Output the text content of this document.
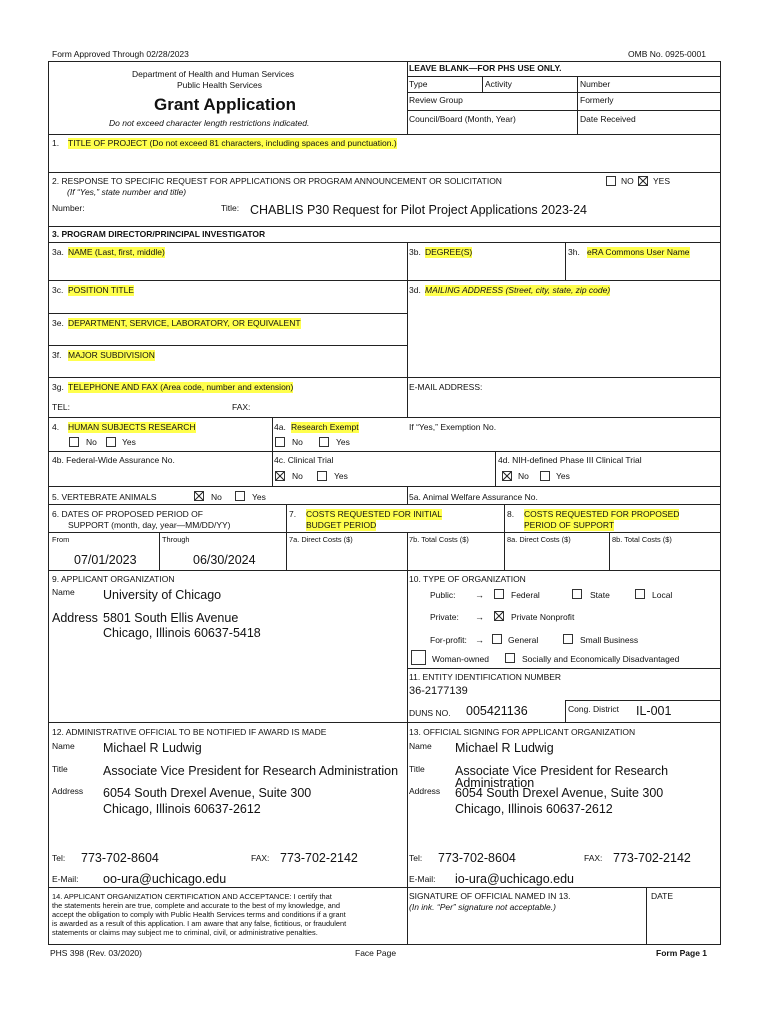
Form Approved Through 02/28/2023	OMB No. 0925-0001
Department of Health and Human Services
Public Health Services
Grant Application
Do not exceed character length restrictions indicated.
LEAVE BLANK—FOR PHS USE ONLY.
Type	Activity	Number
Review Group	Formerly
Council/Board (Month, Year)	Date Received
1. TITLE OF PROJECT (Do not exceed 81 characters, including spaces and punctuation.)
2. RESPONSE TO SPECIFIC REQUEST FOR APPLICATIONS OR PROGRAM ANNOUNCEMENT OR SOLICITATION	NO YES
(If “Yes,” state number and title)
Number:	Title: CHABLIS P30 Request for Pilot Project Applications 2023-24
3. PROGRAM DIRECTOR/PRINCIPAL INVESTIGATOR
3a. NAME (Last, first, middle)	3b. DEGREE(S)	3h. eRA Commons User Name
3c. POSITION TITLE	3d. MAILING ADDRESS (Street, city, state, zip code)
3e. DEPARTMENT, SERVICE, LABORATORY, OR EQUIVALENT
3f. MAJOR SUBDIVISION
3g. TELEPHONE AND FAX (Area code, number and extension)	E-MAIL ADDRESS:
TEL:	FAX:
4. HUMAN SUBJECTS RESEARCH
No	Yes
4a. Research Exempt
No	Yes
If “Yes,” Exemption No.
4b. Federal-Wide Assurance No.	4c. Clinical Trial
No	Yes
4d. NIH-defined Phase III Clinical Trial
No	Yes
5. VERTEBRATE ANIMALS	No	Yes	5a. Animal Welfare Assurance No.
6. DATES OF PROPOSED PERIOD OF
SUPPORT (month, day, year—MM/DD/YY)
From	Through
07/01/2023	06/30/2024
7. COSTS REQUESTED FOR INITIAL
BUDGET PERIOD
7a. Direct Costs ($)	7b. Total Costs ($)
8. COSTS REQUESTED FOR PROPOSED
PERIOD OF SUPPORT
8a. Direct Costs ($)	8b. Total Costs ($)
9. APPLICANT ORGANIZATION
Name University of Chicago
Address 5801 South Ellis Avenue
Chicago, Illinois 60637-5418
10. TYPE OF ORGANIZATION
Public: →	Federal	State	Local
Private: →	Private Nonprofit
For-profit: →	General	Small Business
Woman-owned	Socially and Economically Disadvantaged
11. ENTITY IDENTIFICATION NUMBER
36-2177139
DUNS NO. 005421136	Cong. District IL-001
12. ADMINISTRATIVE OFFICIAL TO BE NOTIFIED IF AWARD IS MADE
Name Michael R Ludwig
Title	Associate Vice President for Research Administration
Address 6054 South Drexel Avenue, Suite 300
Chicago, Illinois 60637-2612
Tel: 773-702-8604	FAX: 773-702-2142
E-Mail: oo-ura@uchicago.edu
13. OFFICIAL SIGNING FOR APPLICANT ORGANIZATION
Name Michael R Ludwig
Title Associate Vice President for Research
Administration
Address 6054 South Drexel Avenue, Suite 300
Chicago, Illinois 60637-2612
Tel: 773-702-8604	FAX: 773-702-2142
E-Mail: io-ura@uchicago.edu
14. APPLICANT ORGANIZATION CERTIFICATION AND ACCEPTANCE: I certify that
the statements herein are true, complete and accurate to the best of my knowledge, and
accept the obligation to comply with Public Health Services terms and conditions if a grant
is awarded as a result of this application. I am aware that any false, fictitious, or fraudulent
statements or claims may subject me to criminal, civil, or administrative penalties.
SIGNATURE OF OFFICIAL NAMED IN 13.
(In ink. “Per” signature not acceptable.)
DATE
PHS 398 (Rev. 03/2020)	Face Page	Form Page 1
